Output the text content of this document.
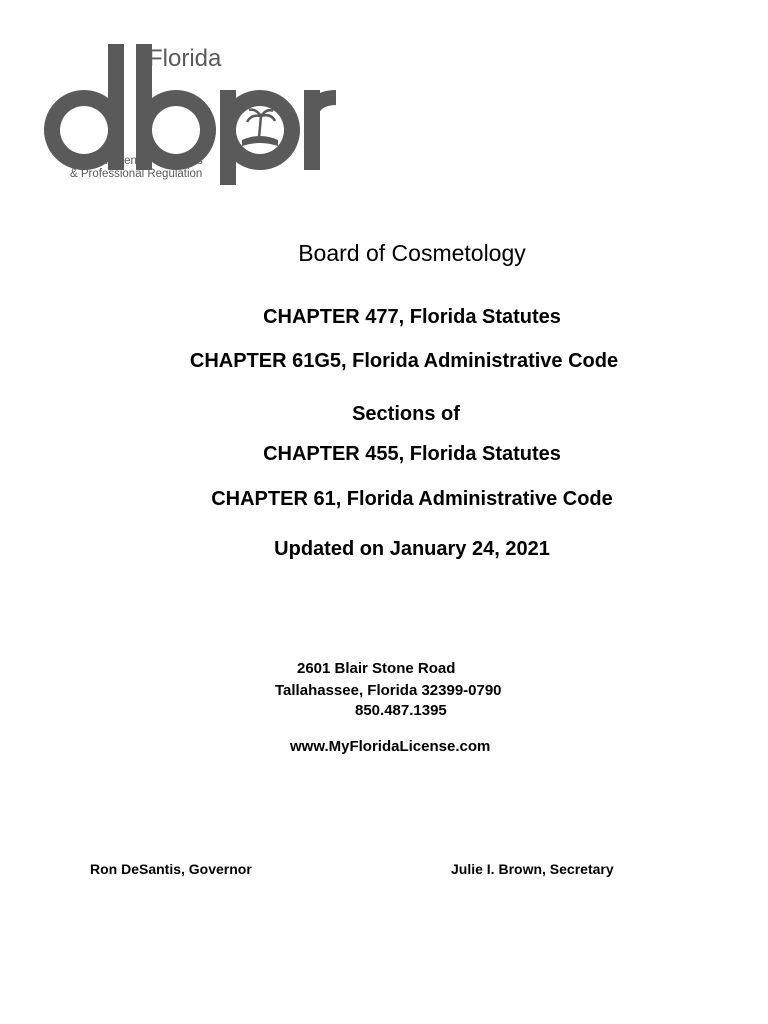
Florida
Department of Business
& Professional Regulation
dbpr
Board of Cosmetology
CHAPTER 477, Florida Statutes
CHAPTER 61G5, Florida Administrative Code
Sections of
CHAPTER 455, Florida Statutes
CHAPTER 61, Florida Administrative Code
Updated on January 24, 2021
2601 Blair Stone Road
Tallahassee, Florida 32399-0790
850.487.1395
www.MyFloridaLicense.com
Ron DeSantis, Governor	Julie I. Brown, Secretary
